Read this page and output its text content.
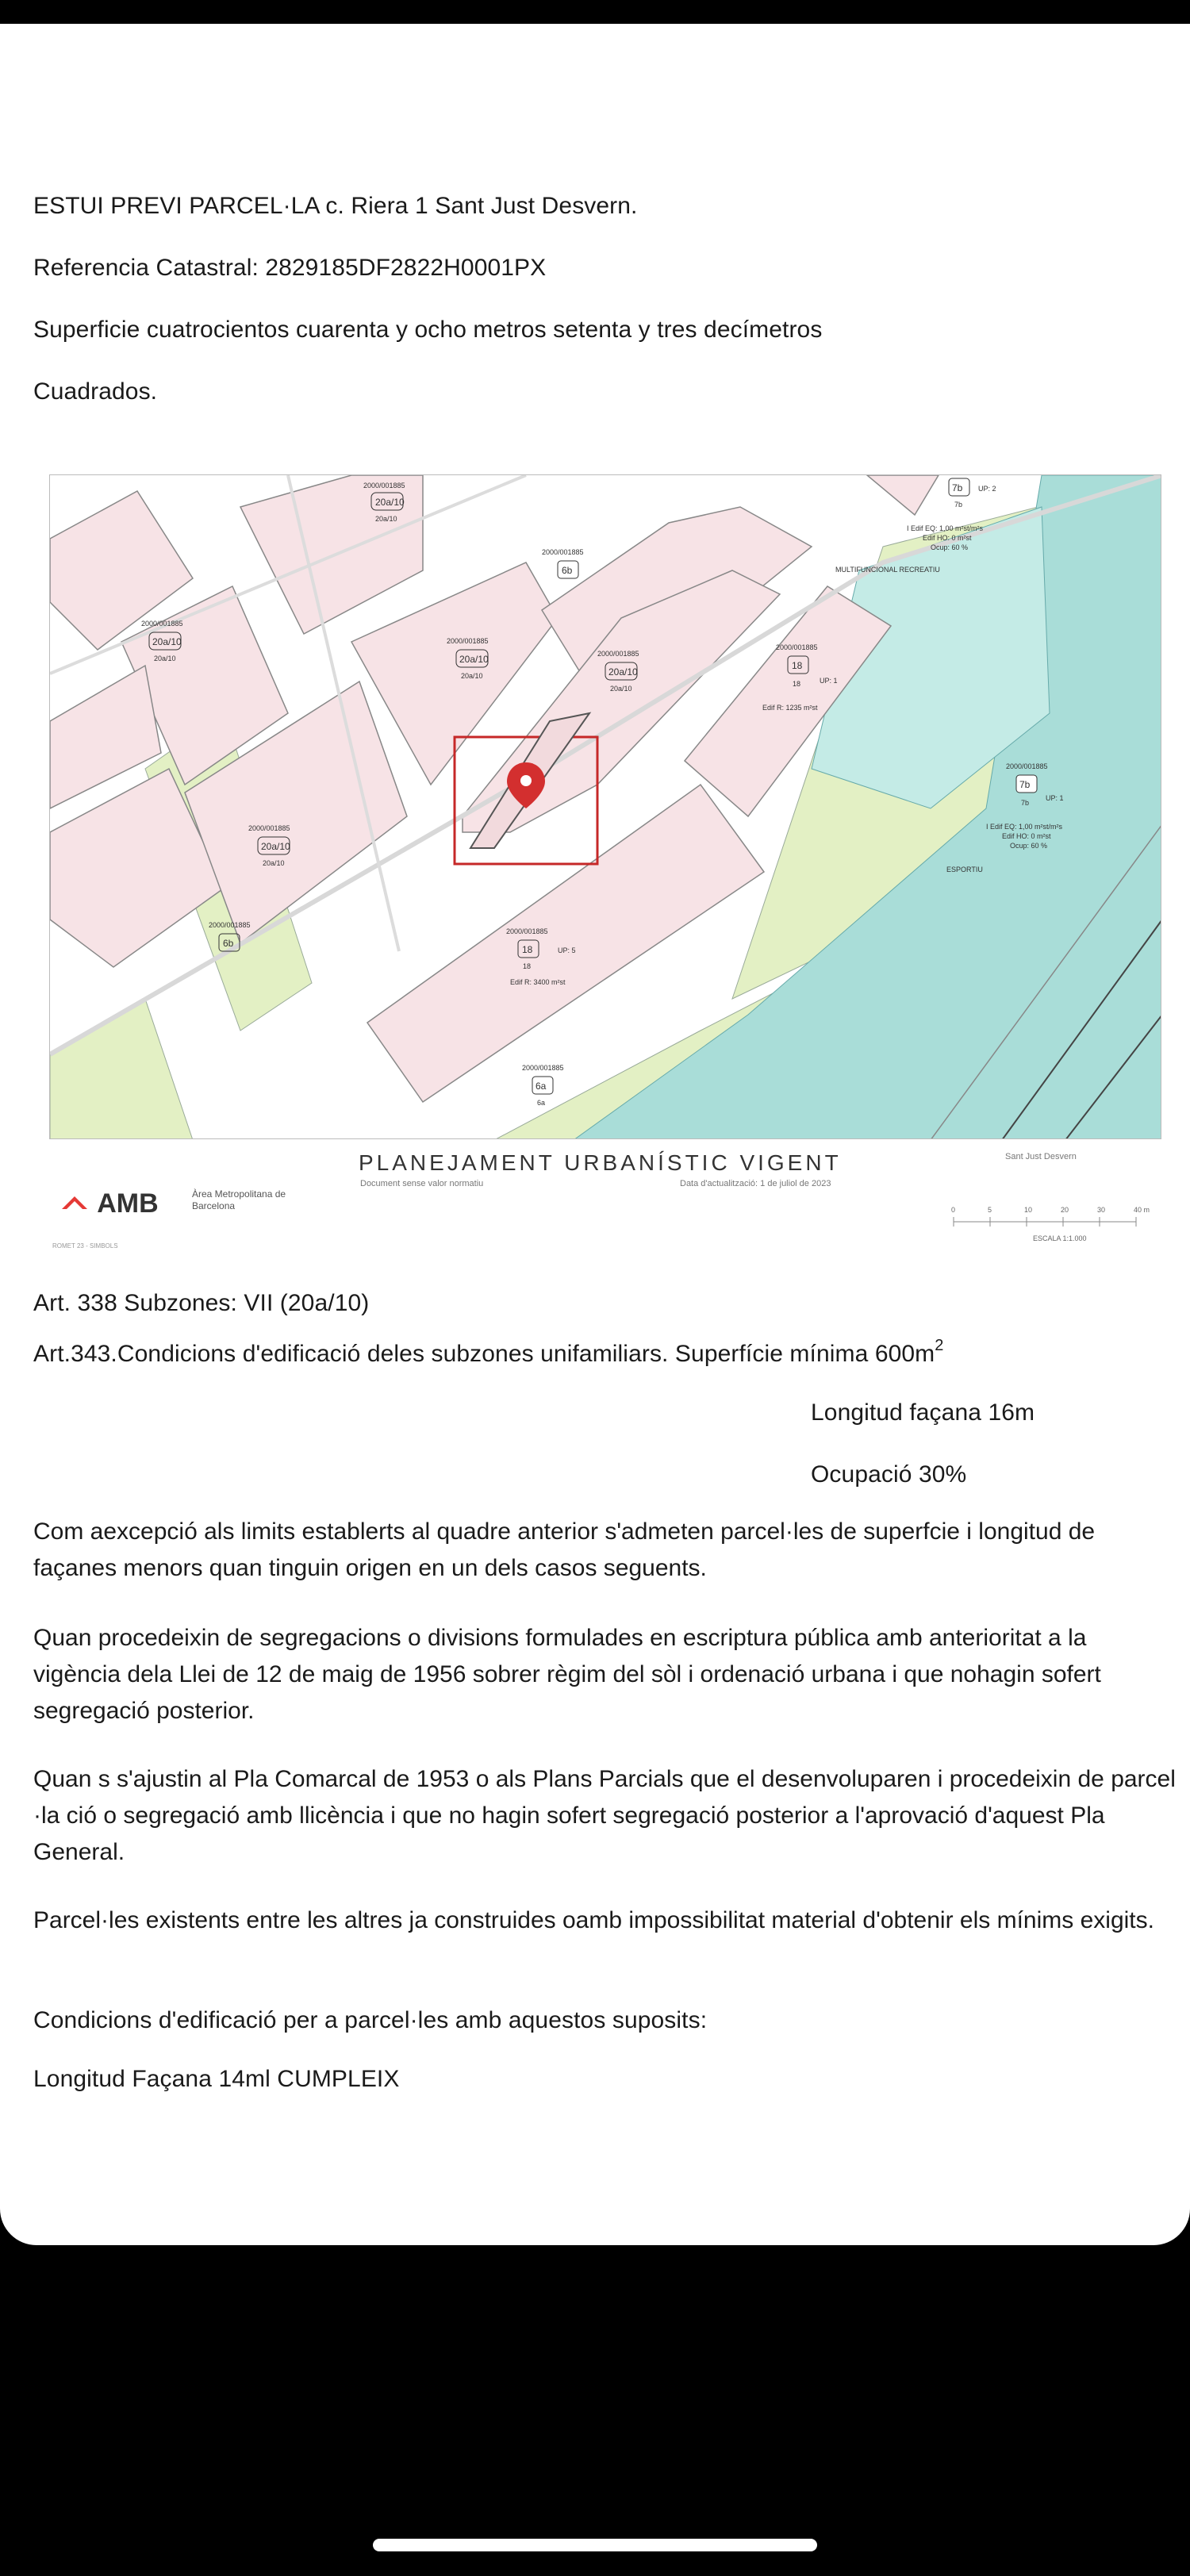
ESTUI PREVI PARCEL·LA c. Riera 1 Sant Just Desvern.
Referencia Catastral: 2829185DF2822H0001PX
Superficie cuatrocientos cuarenta y ocho metros setenta y tres decímetros
Cuadrados.
2000/001885
20a/10
20a/10
2000/001885
20a/10
20a/10
2000/001885
6b
2000/001885
20a/10
20a/10
2000/001885
20a/10
20a/10
2000/001885
20a/10
20a/10
2000/001885
6b
2000/001885
18	UP: 5
18
Edif R: 3400 m²st
2000/001885
18
UP: 1
18
Edif R: 1235 m²st
2000/001885
6a
6a
7b UP: 2
7b
I Edif EQ: 1,00 m²st/m²s
Edif HO: 0 m²st
Ocup: 60 %
MULTIFUNCIONAL RECREATIU
2000/001885
7b
UP: 1
7b
I Edif EQ: 1,00 m²st/m²s
Edif HO: 0 m²st
Ocup: 60 %
ESPORTIU
PLANEJAMENT URBANÍSTIC VIGENT
Document sense valor normatiu	Data d'actualització: 1 de juliol de 2023
Sant Just Desvern
AMB	Àrea Metropolitana de Barcelona
ROMET 23 - SIMBOLS
0	5	10	20	30	40 m
ESCALA 1:1.000
Art. 338 Subzones: VII (20a/10)
Art.343.Condicions d'edificació deles subzones unifamiliars. Superfície mínima $600m^2$
Longitud façana 16m
Ocupació 30%
Com aexcepció als limits establerts al quadre anterior s'admeten parcel·les de superfcie i longitud de façanes menors quan tinguin origen en un dels casos seguents.
Quan procedeixin de segregacions o divisions formulades en escriptura pública amb anterioritat a la vigència dela Llei de 12 de maig de 1956 sobrer règim del sòl i ordenació urbana i que nohagin sofert segregació posterior.
Quan s s'ajustin al Pla Comarcal de 1953 o als Plans Parcials que el desenvoluparen i procedeixin de parcel ·la ció o segregació amb llicència i que no hagin sofert segregació posterior a l'aprovació d'aquest Pla General.
Parcel·les existents entre les altres ja construides oamb impossibilitat material d'obtenir els mínims exigits.
Condicions d'edificació per a parcel·les amb aquestos suposits:
Longitud Façana 14ml CUMPLEIX
